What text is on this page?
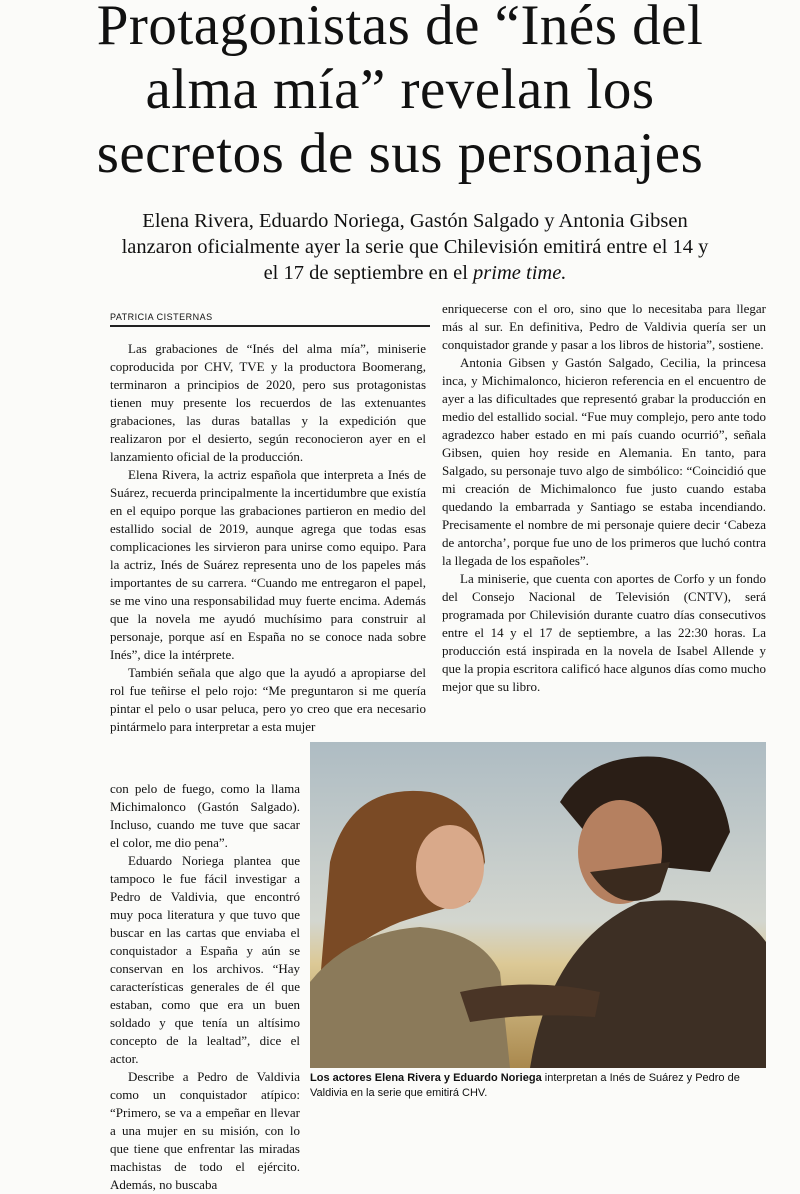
Protagonistas de “Inés del alma mía” revelan los secretos de sus personajes

Elena Rivera, Eduardo Noriega, Gastón Salgado y Antonia Gibsen lanzaron oficialmente ayer la serie que Chilevisión emitirá entre el 14 y el 17 de septiembre en el prime time.

PATRICIA CISTERNAS

Las grabaciones de “Inés del alma mía”, miniserie coproducida por CHV, TVE y la productora Boomerang, terminaron a principios de 2020, pero sus protagonistas tienen muy presente los recuerdos de las extenuantes grabaciones, las duras batallas y la expedición que realizaron por el desierto, según reconocieron ayer en el lanzamiento oficial de la producción.

Elena Rivera, la actriz española que interpreta a Inés de Suárez, recuerda principalmente la incertidumbre que existía en el equipo porque las grabaciones partieron en medio del estallido social de 2019, aunque agrega que todas esas complicaciones les sirvieron para unirse como equipo. Para la actriz, Inés de Suárez representa uno de los papeles más importantes de su carrera. “Cuando me entregaron el papel, se me vino una responsabilidad muy fuerte encima. Además que la novela me ayudó muchísimo para construir al personaje, porque así en España no se conoce nada sobre Inés”, dice la intérprete.

También señala que algo que la ayudó a apropiarse del rol fue teñirse el pelo rojo: “Me preguntaron si me quería pintar el pelo o usar peluca, pero yo creo que era necesario pintármelo para interpretar a esta mujer

con pelo de fuego, como la llama Michimalonco (Gastón Salgado). Incluso, cuando me tuve que sacar el color, me dio pena”.

Eduardo Noriega plantea que tampoco le fue fácil investigar a Pedro de Valdivia, que encontró muy poca literatura y que tuvo que buscar en las cartas que enviaba el conquistador a España y aún se conservan en los archivos. “Hay características generales de él que estaban, como que era un buen soldado y que tenía un altísimo concepto de la lealtad”, dice el actor.

Describe a Pedro de Valdivia como un conquistador atípico: “Primero, se va a empeñar en llevar a una mujer en su misión, con lo que tiene que enfrentar las miradas machistas de todo el ejército. Además, no buscaba

enriquecerse con el oro, sino que lo necesitaba para llegar más al sur. En definitiva, Pedro de Valdivia quería ser un conquistador grande y pasar a los libros de historia”, sostiene.

Antonia Gibsen y Gastón Salgado, Cecilia, la princesa inca, y Michimalonco, hicieron referencia en el encuentro de ayer a las dificultades que representó grabar la producción en medio del estallido social. “Fue muy complejo, pero ante todo agradezco haber estado en mi país cuando ocurrió”, señala Gibsen, quien hoy reside en Alemania. En tanto, para Salgado, su personaje tuvo algo de simbólico: “Coincidió que mi creación de Michimalonco fue justo cuando estaba quedando la embarrada y Santiago se estaba incendiando. Precisamente el nombre de mi personaje quiere decir ‘Cabeza de antorcha’, porque fue uno de los primeros que luchó contra la llegada de los españoles”.

La miniserie, que cuenta con aportes de Corfo y un fondo del Consejo Nacional de Televisión (CNTV), será programada por Chilevisión durante cuatro días consecutivos entre el 14 y el 17 de septiembre, a las 22:30 horas. La producción está inspirada en la novela de Isabel Allende y que la propia escritora calificó hace algunos días como mucho mejor que su libro.

Los actores Elena Rivera y Eduardo Noriega interpretan a Inés de Suárez y Pedro de Valdivia en la serie que emitirá CHV.
